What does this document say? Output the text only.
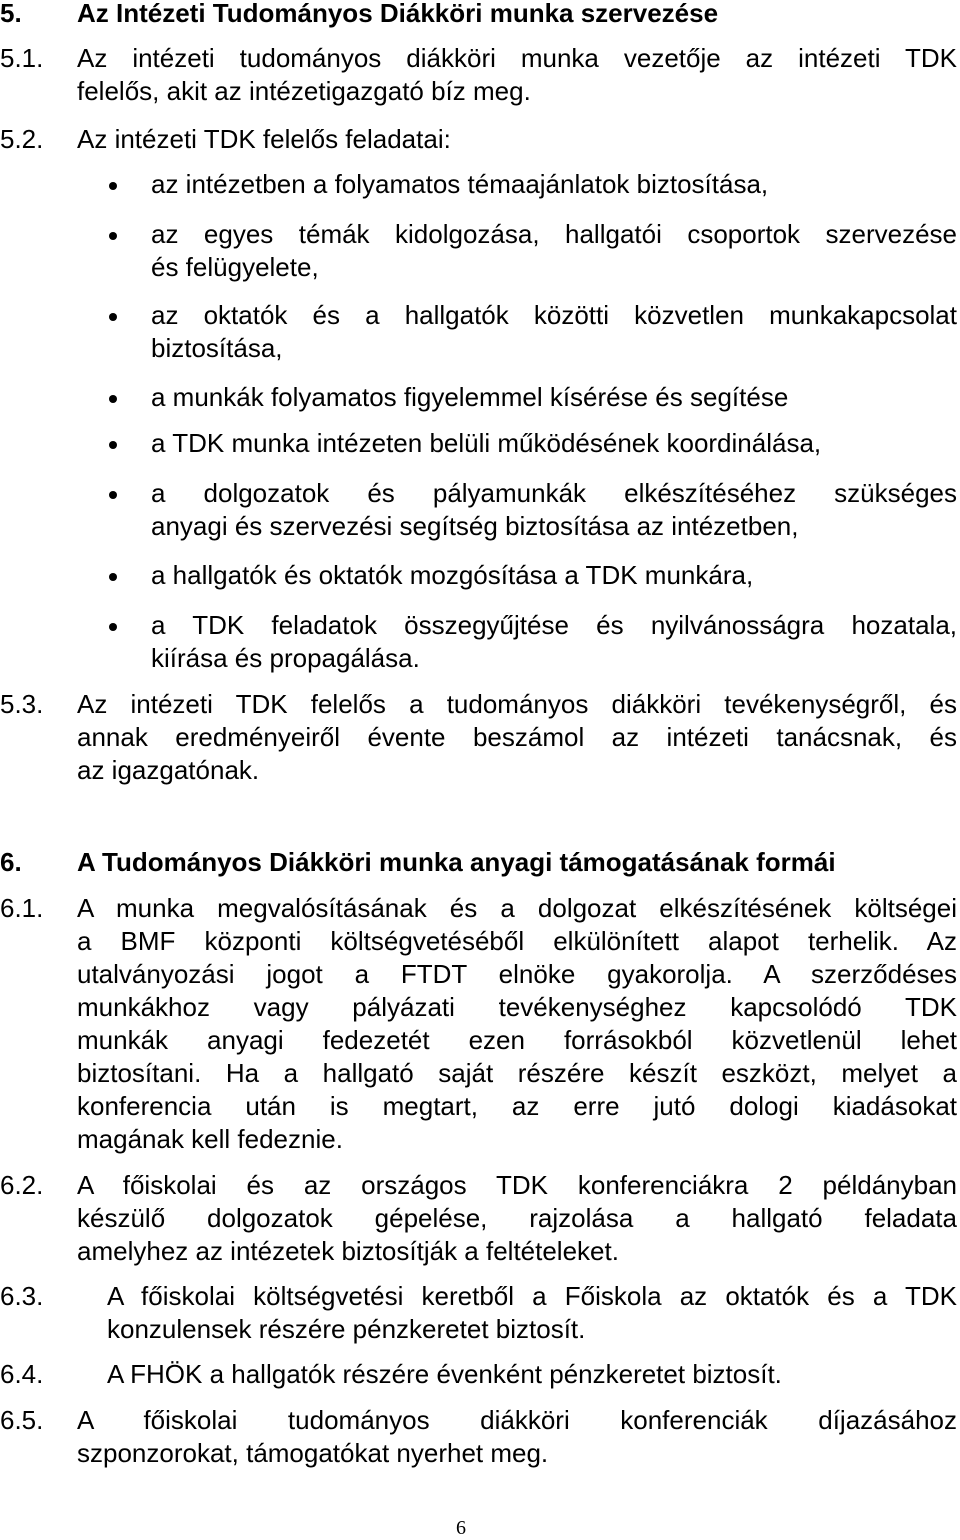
5. Az Intézeti Tudományos Diákköri munka szervezése
5.1. Az intézeti tudományos diákköri munka vezetője az intézeti TDK
felelős, akit az intézetigazgató bíz meg.
5.2. Az intézeti TDK felelős feladatai:
az intézetben a folyamatos témaajánlatok biztosítása,
az egyes témák kidolgozása, hallgatói csoportok szervezése
és felügyelete,
az oktatók és a hallgatók közötti közvetlen munkakapcsolat
biztosítása,
a munkák folyamatos figyelemmel kísérése és segítése
a TDK munka intézeten belüli működésének koordinálása,
a dolgozatok és pályamunkák elkészítéséhez szükséges
anyagi és szervezési segítség biztosítása az intézetben,
a hallgatók és oktatók mozgósítása a TDK munkára,
a TDK feladatok összegyűjtése és nyilvánosságra hozatala,
kiírása és propagálása.
5.3. Az intézeti TDK felelős a tudományos diákköri tevékenységről, és
annak eredményeiről évente beszámol az intézeti tanácsnak, és
az igazgatónak.
6. A Tudományos Diákköri munka anyagi támogatásának formái
6.1. A munka megvalósításának és a dolgozat elkészítésének költségei
a BMF központi költségvetéséből elkülönített alapot terhelik. Az
utalványozási jogot a FTDT elnöke gyakorolja. A szerződéses
munkákhoz vagy pályázati tevékenységhez kapcsolódó TDK
munkák anyagi fedezetét ezen forrásokból közvetlenül lehet
biztosítani. Ha a hallgató saját részére készít eszközt, melyet a
konferencia után is megtart, az erre jutó dologi kiadásokat
magának kell fedeznie.
6.2. A főiskolai és az országos TDK konferenciákra 2 példányban
készülő dolgozatok gépelése, rajzolása a hallgató feladata
amelyhez az intézetek biztosítják a feltételeket.
6.3. A főiskolai költségvetési keretből a Főiskola az oktatók és a TDK
konzulensek részére pénzkeretet biztosít.
6.4. A FHÖK a hallgatók részére évenként pénzkeretet biztosít.
6.5. A főiskolai tudományos diákköri konferenciák díjazásához
szponzorokat, támogatókat nyerhet meg.
6
